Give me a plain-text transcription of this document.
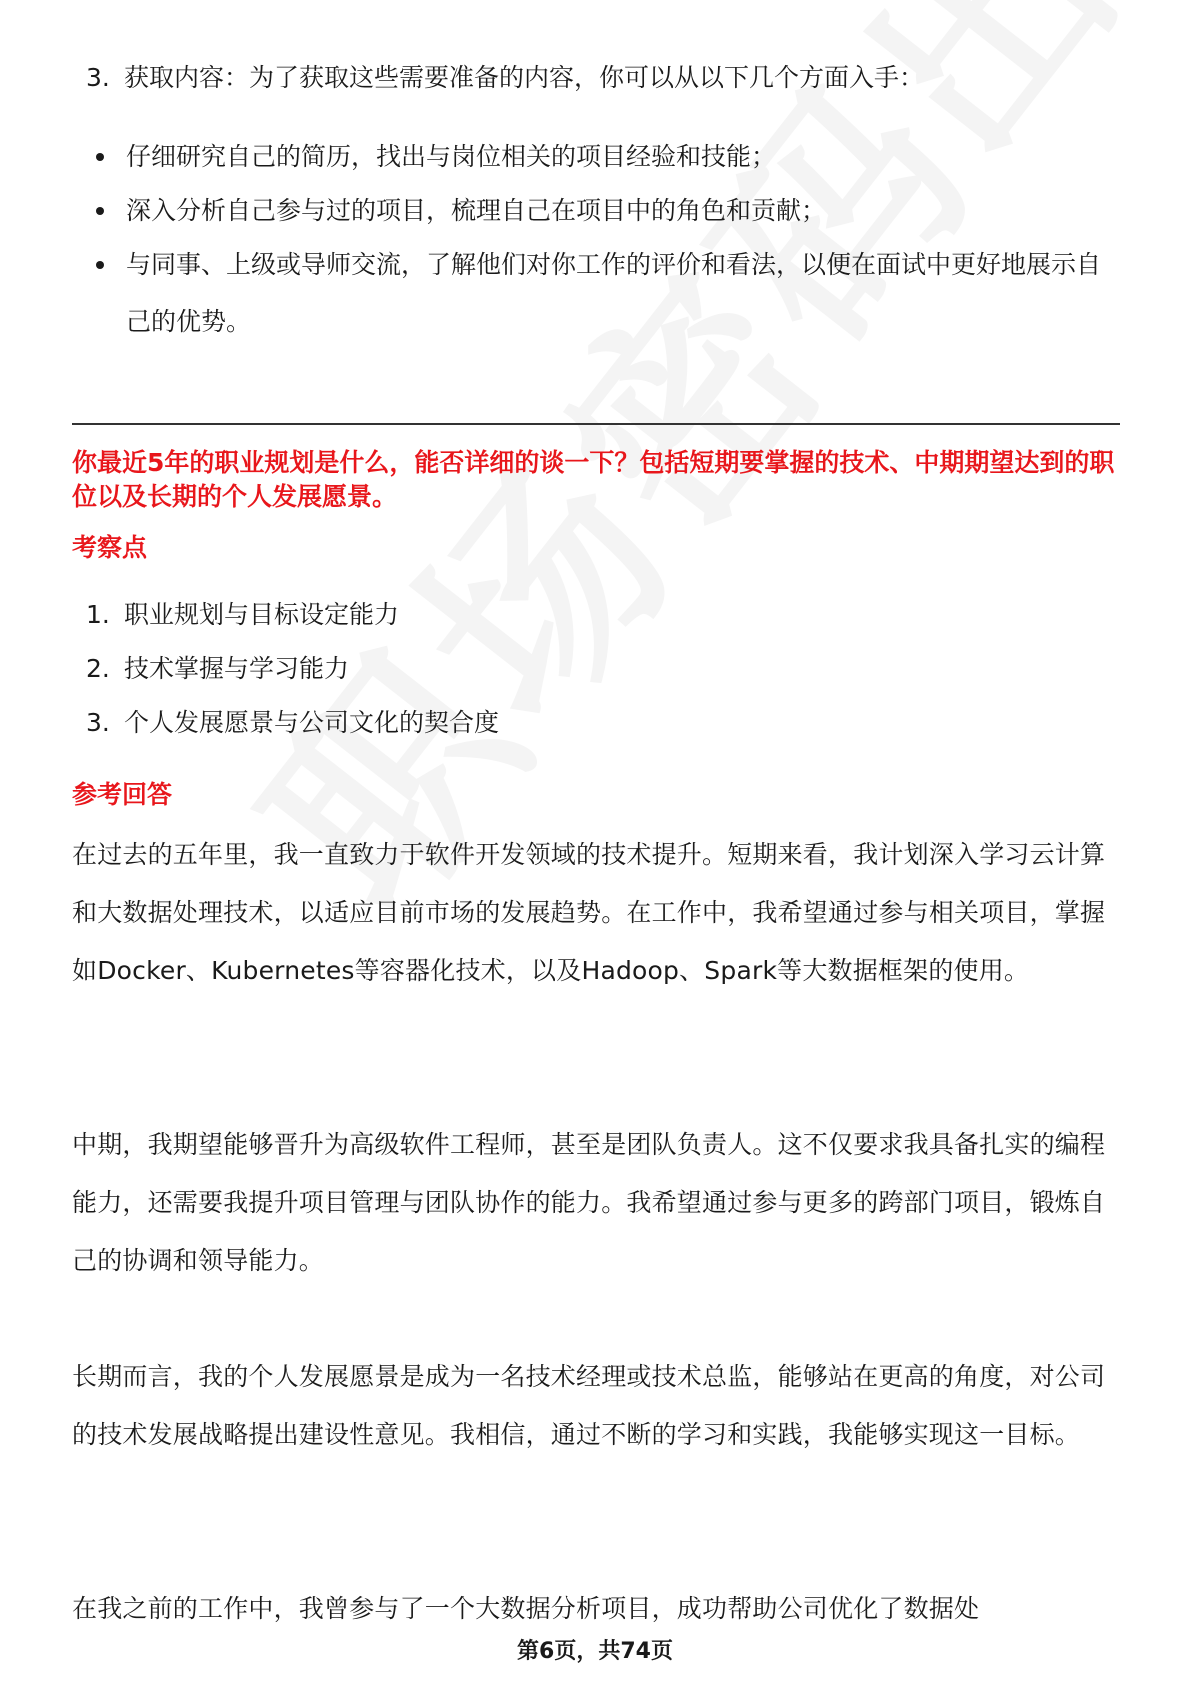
3. 获取内容：为了获取这些需要准备的内容，你可以从以下几个方面入手：
仔细研究自己的简历，找出与岗位相关的项目经验和技能；
深入分析自己参与过的项目，梳理自己在项目中的角色和贡献；
与同事、上级或导师交流，了解他们对你工作的评价和看法，以便在面试中更好地展示自己的优势。
你最近5年的职业规划是什么，能否详细的谈一下？包括短期要掌握的技术、中期期望达到的职位以及长期的个人发展愿景。
考察点
1. 职业规划与目标设定能力
2. 技术掌握与学习能力
3. 个人发展愿景与公司文化的契合度
参考回答
在过去的五年里，我一直致力于软件开发领域的技术提升。短期来看，我计划深入学习云计算和大数据处理技术，以适应目前市场的发展趋势。在工作中，我希望通过参与相关项目，掌握如Docker、Kubernetes等容器化技术，以及Hadoop、Spark等大数据框架的使用。
中期，我期望能够晋升为高级软件工程师，甚至是团队负责人。这不仅要求我具备扎实的编程能力，还需要我提升项目管理与团队协作的能力。我希望通过参与更多的跨部门项目，锻炼自己的协调和领导能力。
长期而言，我的个人发展愿景是成为一名技术经理或技术总监，能够站在更高的角度，对公司的技术发展战略提出建设性意见。我相信，通过不断的学习和实践，我能够实现这一目标。
在我之前的工作中，我曾参与了一个大数据分析项目，成功帮助公司优化了数据处
第6页，共74页
